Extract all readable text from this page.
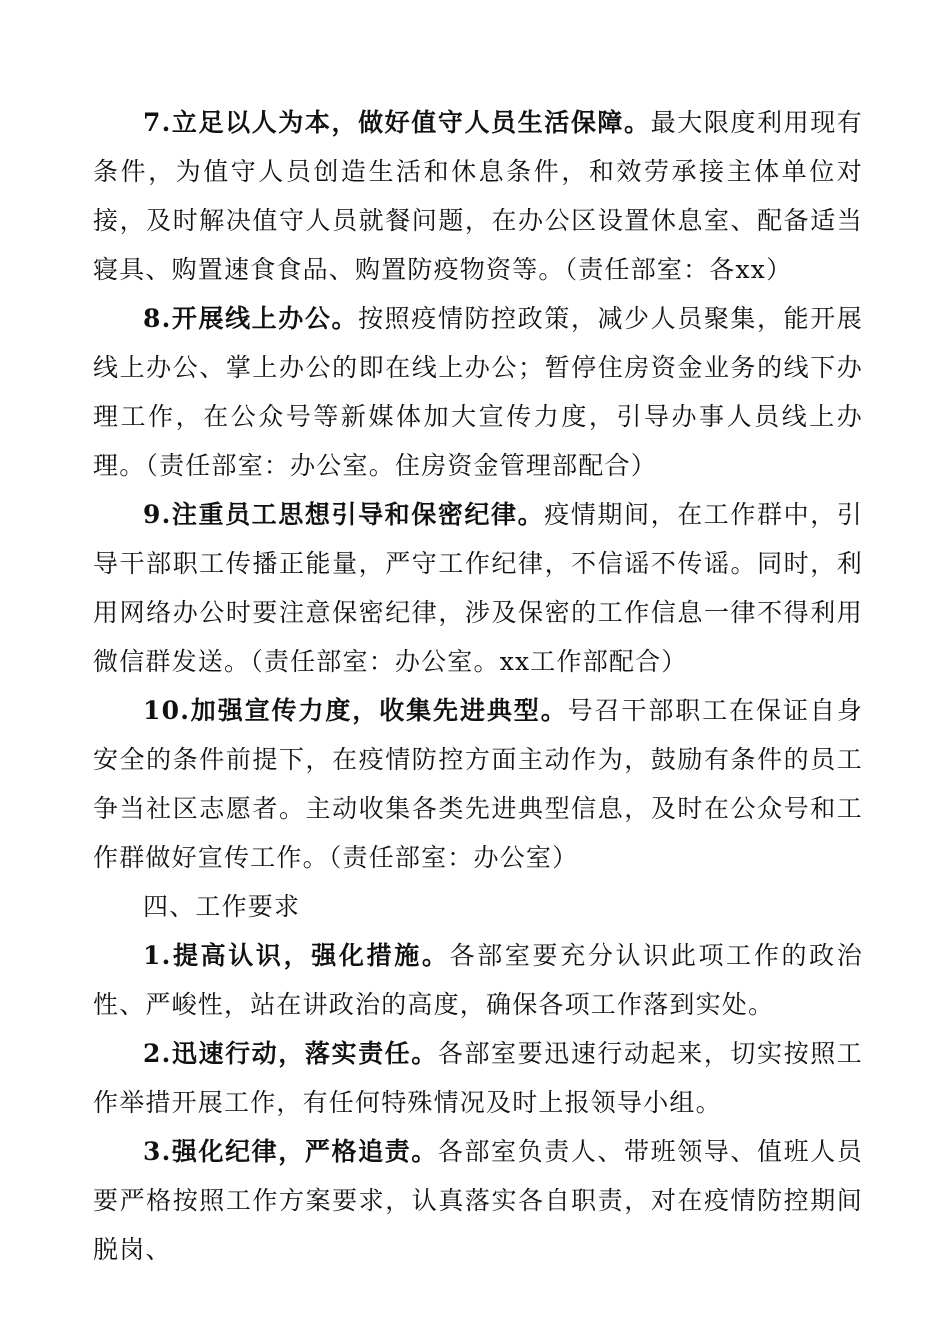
7.立足以人为本，做好值守人员生活保障。最大限度利用现有条件，为值守人员创造生活和休息条件，和效劳承接主体单位对接，及时解决值守人员就餐问题，在办公区设置休息室、配备适当寝具、购置速食食品、购置防疫物资等。（责任部室：各xx）

8.开展线上办公。按照疫情防控政策，减少人员聚集，能开展线上办公、掌上办公的即在线上办公；暂停住房资金业务的线下办理工作，在公众号等新媒体加大宣传力度，引导办事人员线上办理。（责任部室：办公室。住房资金管理部配合）

9.注重员工思想引导和保密纪律。疫情期间，在工作群中，引导干部职工传播正能量，严守工作纪律，不信谣不传谣。同时，利用网络办公时要注意保密纪律，涉及保密的工作信息一律不得利用微信群发送。（责任部室：办公室。xx工作部配合）

10.加强宣传力度，收集先进典型。号召干部职工在保证自身安全的条件前提下，在疫情防控方面主动作为，鼓励有条件的员工争当社区志愿者。主动收集各类先进典型信息，及时在公众号和工作群做好宣传工作。（责任部室：办公室）

四、工作要求

1.提高认识，强化措施。各部室要充分认识此项工作的政治性、严峻性，站在讲政治的高度，确保各项工作落到实处。

2.迅速行动，落实责任。各部室要迅速行动起来，切实按照工作举措开展工作，有任何特殊情况及时上报领导小组。

3.强化纪律，严格追责。各部室负责人、带班领导、值班人员要严格按照工作方案要求，认真落实各自职责，对在疫情防控期间脱岗、
